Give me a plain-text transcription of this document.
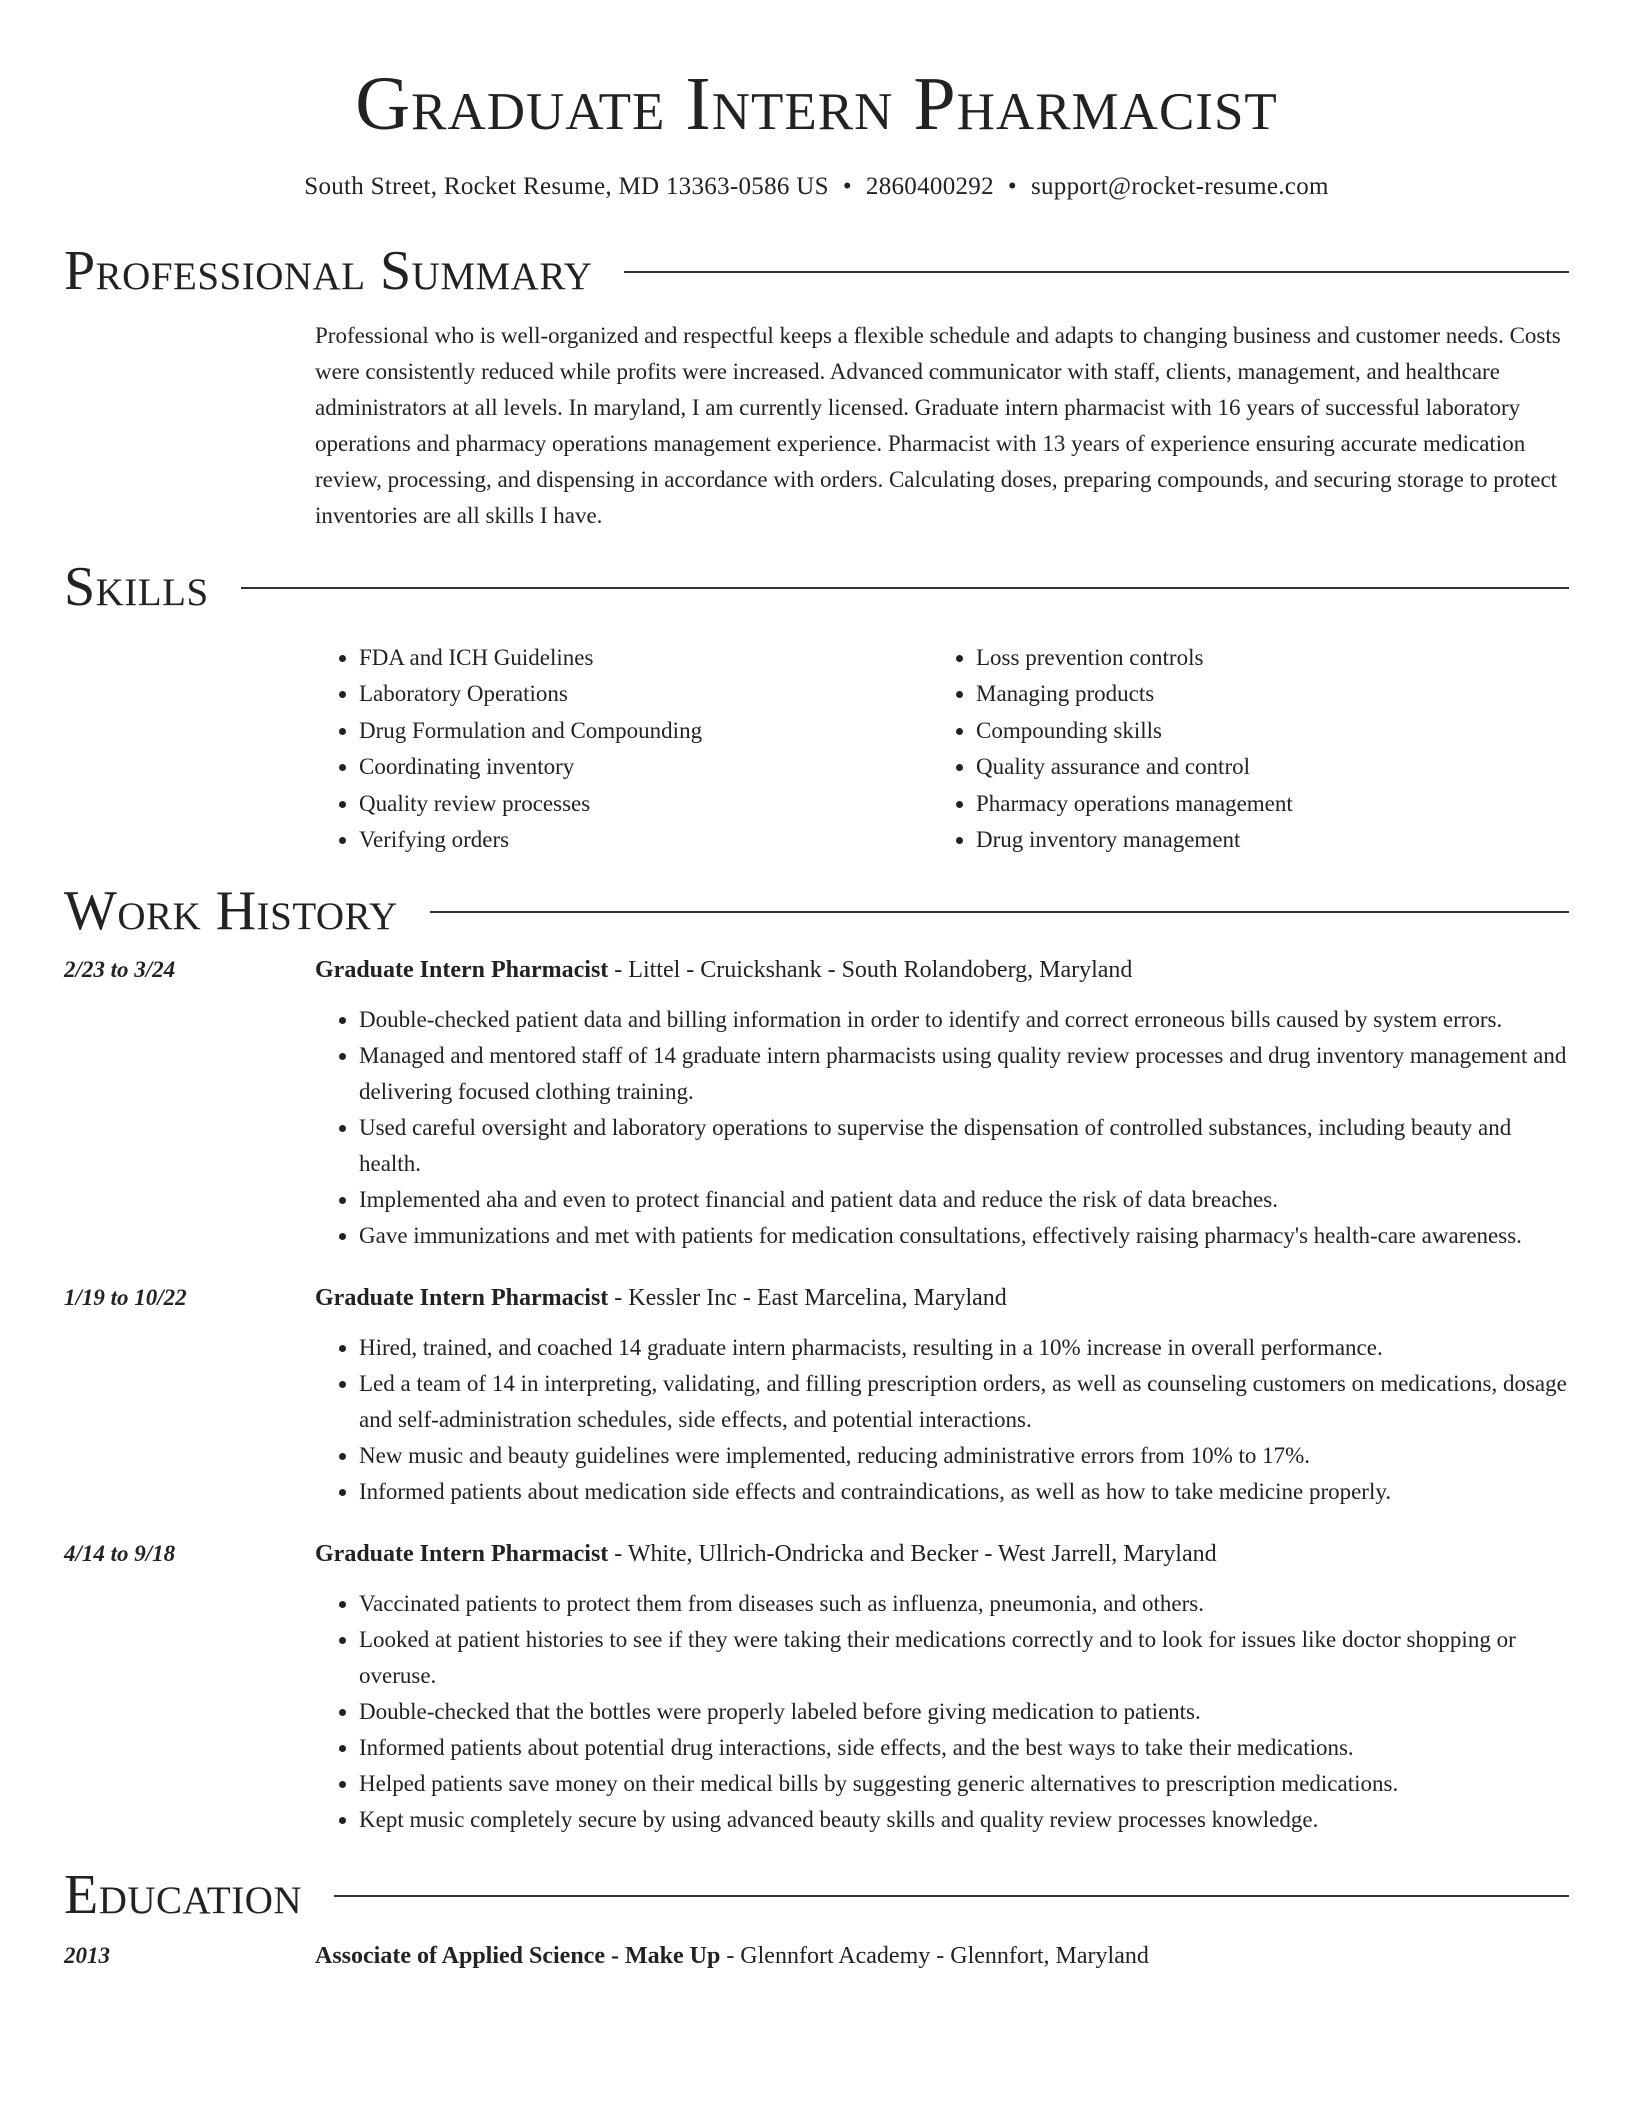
Graduate Intern Pharmacist
South Street, Rocket Resume, MD 13363-0586 US • 2860400292 • support@rocket-resume.com
Professional Summary
Professional who is well-organized and respectful keeps a flexible schedule and adapts to changing business and customer needs. Costs were consistently reduced while profits were increased. Advanced communicator with staff, clients, management, and healthcare administrators at all levels. In maryland, I am currently licensed. Graduate intern pharmacist with 16 years of successful laboratory operations and pharmacy operations management experience. Pharmacist with 13 years of experience ensuring accurate medication review, processing, and dispensing in accordance with orders. Calculating doses, preparing compounds, and securing storage to protect inventories are all skills I have.
Skills
• FDA and ICH Guidelines
• Laboratory Operations
• Drug Formulation and Compounding
• Coordinating inventory
• Quality review processes
• Verifying orders
• Loss prevention controls
• Managing products
• Compounding skills
• Quality assurance and control
• Pharmacy operations management
• Drug inventory management
Work History
2/23 to 3/24	Graduate Intern Pharmacist - Littel - Cruickshank - South Rolandoberg, Maryland
• Double-checked patient data and billing information in order to identify and correct erroneous bills caused by system errors.
• Managed and mentored staff of 14 graduate intern pharmacists using quality review processes and drug inventory management and delivering focused clothing training.
• Used careful oversight and laboratory operations to supervise the dispensation of controlled substances, including beauty and health.
• Implemented aha and even to protect financial and patient data and reduce the risk of data breaches.
• Gave immunizations and met with patients for medication consultations, effectively raising pharmacy's health-care awareness.
1/19 to 10/22	Graduate Intern Pharmacist - Kessler Inc - East Marcelina, Maryland
• Hired, trained, and coached 14 graduate intern pharmacists, resulting in a 10% increase in overall performance.
• Led a team of 14 in interpreting, validating, and filling prescription orders, as well as counseling customers on medications, dosage and self-administration schedules, side effects, and potential interactions.
• New music and beauty guidelines were implemented, reducing administrative errors from 10% to 17%.
• Informed patients about medication side effects and contraindications, as well as how to take medicine properly.
4/14 to 9/18	Graduate Intern Pharmacist - White, Ullrich-Ondricka and Becker - West Jarrell, Maryland
• Vaccinated patients to protect them from diseases such as influenza, pneumonia, and others.
• Looked at patient histories to see if they were taking their medications correctly and to look for issues like doctor shopping or overuse.
• Double-checked that the bottles were properly labeled before giving medication to patients.
• Informed patients about potential drug interactions, side effects, and the best ways to take their medications.
• Helped patients save money on their medical bills by suggesting generic alternatives to prescription medications.
• Kept music completely secure by using advanced beauty skills and quality review processes knowledge.
Education
2013	Associate of Applied Science - Make Up - Glennfort Academy - Glennfort, Maryland
